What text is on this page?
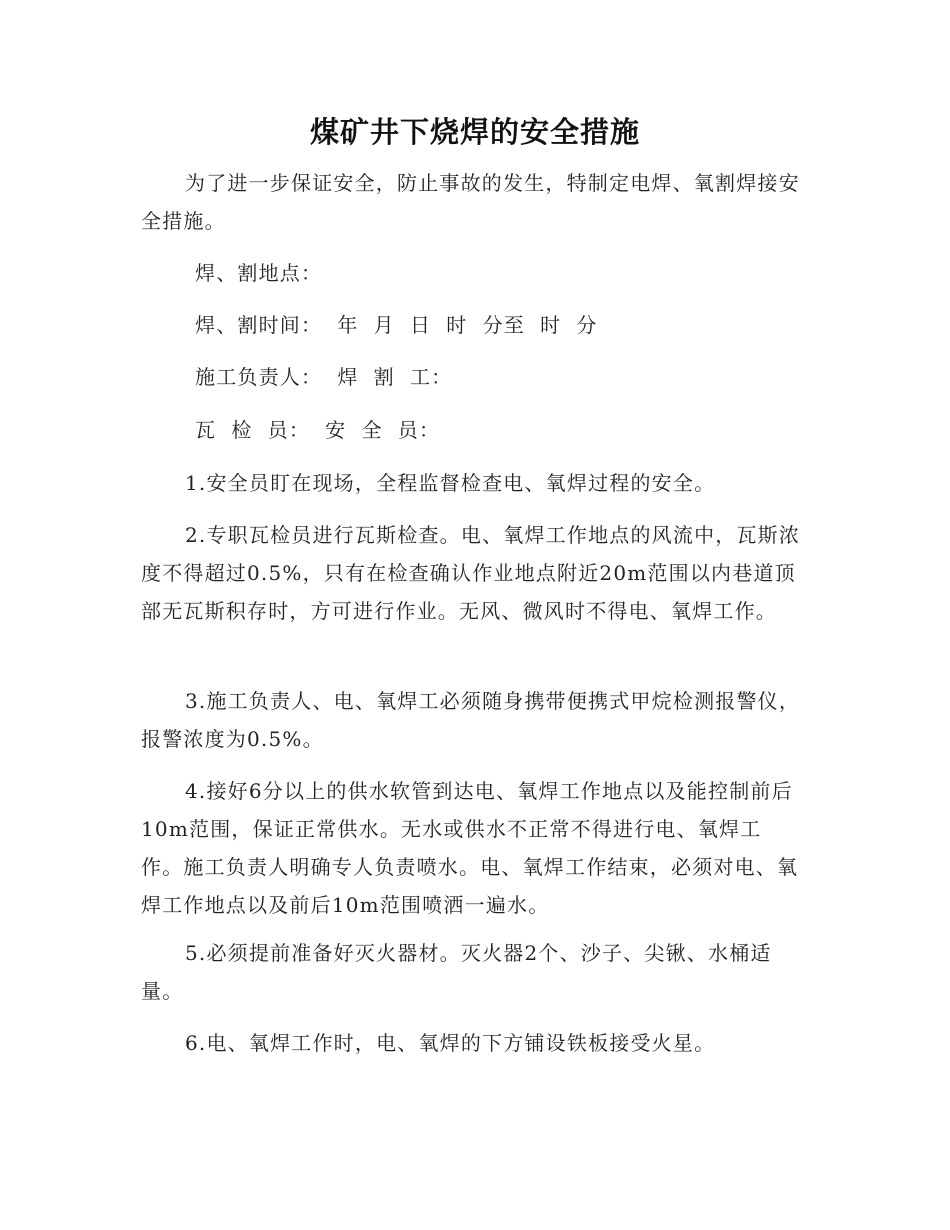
煤矿井下烧焊的安全措施
为了进一步保证安全，防止事故的发生，特制定电焊、氧割焊接安全措施。
焊、割地点：
焊、割时间：  年  月  日  时  分至  时  分
施工负责人：  焊  割  工：
瓦  检  员：  安  全  员：
1.安全员盯在现场，全程监督检查电、氧焊过程的安全。
2.专职瓦检员进行瓦斯检查。电、氧焊工作地点的风流中，瓦斯浓度不得超过0.5%，只有在检查确认作业地点附近20m范围以内巷道顶部无瓦斯积存时，方可进行作业。无风、微风时不得电、氧焊工作。
3.施工负责人、电、氧焊工必须随身携带便携式甲烷检测报警仪，报警浓度为0.5%。
4.接好6分以上的供水软管到达电、氧焊工作地点以及能控制前后10m范围，保证正常供水。无水或供水不正常不得进行电、氧焊工作。施工负责人明确专人负责喷水。电、氧焊工作结束，必须对电、氧焊工作地点以及前后10m范围喷洒一遍水。
5.必须提前准备好灭火器材。灭火器2个、沙子、尖锹、水桶适量。
6.电、氧焊工作时，电、氧焊的下方铺设铁板接受火星。
